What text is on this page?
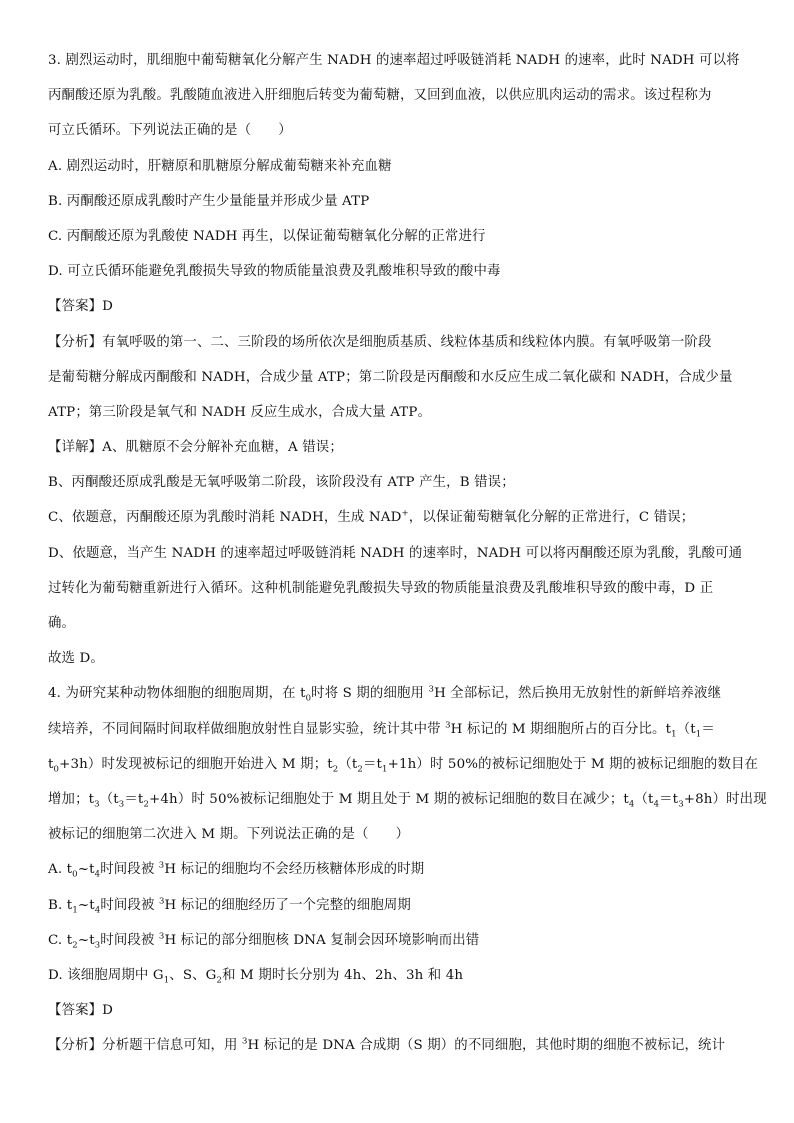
3. 剧烈运动时，肌细胞中葡萄糖氧化分解产生 NADH 的速率超过呼吸链消耗 NADH 的速率，此时 NADH 可以将
丙酮酸还原为乳酸。乳酸随血液进入肝细胞后转变为葡萄糖，又回到血液，以供应肌肉运动的需求。该过程称为
可立氏循环。下列说法正确的是（　　）
A. 剧烈运动时，肝糖原和肌糖原分解成葡萄糖来补充血糖
B. 丙酮酸还原成乳酸时产生少量能量并形成少量 ATP
C. 丙酮酸还原为乳酸使 NADH 再生，以保证葡萄糖氧化分解的正常进行
D. 可立氏循环能避免乳酸损失导致的物质能量浪费及乳酸堆积导致的酸中毒
【答案】D
【分析】有氧呼吸的第一、二、三阶段的场所依次是细胞质基质、线粒体基质和线粒体内膜。有氧呼吸第一阶段
是葡萄糖分解成丙酮酸和 NADH，合成少量 ATP；第二阶段是丙酮酸和水反应生成二氧化碳和 NADH，合成少量
ATP；第三阶段是氧气和 NADH 反应生成水，合成大量 ATP。
【详解】A、肌糖原不会分解补充血糖，A 错误；
B、丙酮酸还原成乳酸是无氧呼吸第二阶段，该阶段没有 ATP 产生，B 错误；
C、依题意，丙酮酸还原为乳酸时消耗 NADH，生成 NAD+，以保证葡萄糖氧化分解的正常进行，C 错误；
D、依题意，当产生 NADH 的速率超过呼吸链消耗 NADH 的速率时，NADH 可以将丙酮酸还原为乳酸，乳酸可通
过转化为葡萄糖重新进行入循环。这种机制能避免乳酸损失导致的物质能量浪费及乳酸堆积导致的酸中毒，D 正
确。
故选 D。
4. 为研究某种动物体细胞的细胞周期，在 $t_0$时将 S 期的细胞用 $^3$H 全部标记，然后换用无放射性的新鲜培养液继
续培养，不同间隔时间取样做细胞放射性自显影实验，统计其中带 $^3$H 标记的 M 期细胞所占的百分比。$t_1(t_1=$
$t_0+3h$）时发现被标记的细胞开始进入 M 期；$t_2(t_2=t_1+1h)$时 50%的被标记细胞处于 M 期的被标记细胞的数目在
增加；$t_3(t_3=t_2+4h)$时 50%被标记细胞处于 M 期且处于 M 期的被标记细胞的数目在减少；$t_4(t_4=t_3+8h)$时出现
被标记的细胞第二次进入 M 期。下列说法正确的是（　　）
A. $t_0\sim t_4$时间段被 $^3$H 标记的细胞均不会经历核糖体形成的时期
B. $t_1\sim t_4$时间段被 $^3$H 标记的细胞经历了一个完整的细胞周期
C. $t_2\sim t_3$时间段被 $^3$H 标记的部分细胞核 DNA 复制会因环境影响而出错
D. 该细胞周期中 $G_1$、S、$G_2$和 M 期时长分别为 4h、2h、3h 和 4h
【答案】D
【分析】分析题干信息可知，用 $^3$H 标记的是 DNA 合成期（S 期）的不同细胞，其他时期的细胞不被标记，统计
